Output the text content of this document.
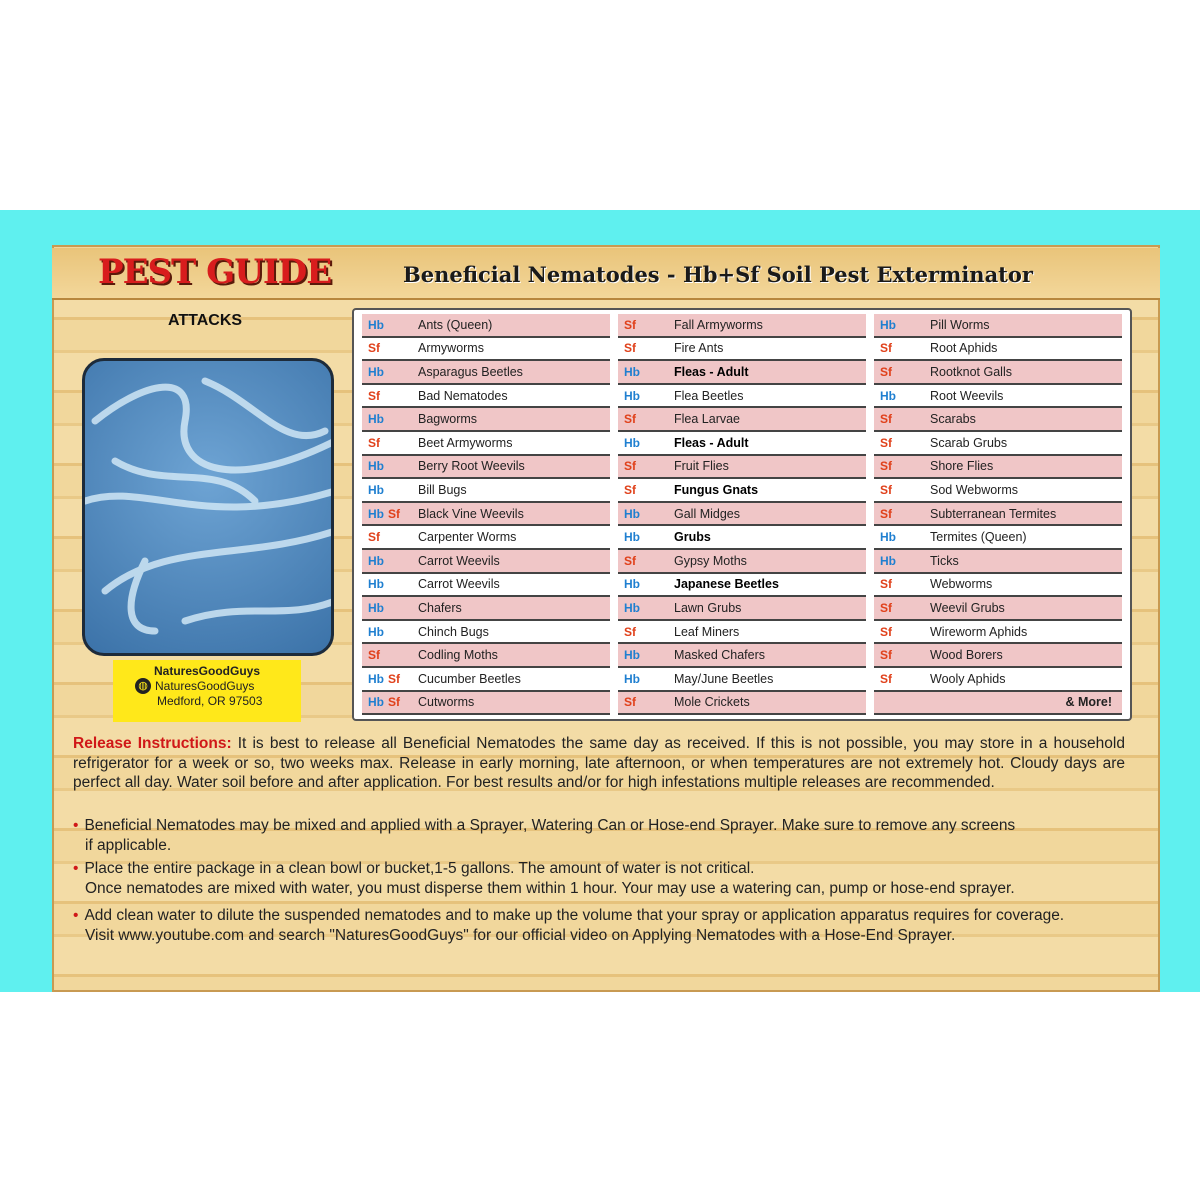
PEST GUIDE	Beneficial Nematodes - Hb+Sf Soil Pest Exterminator
ATTACKS
NaturesGoodGuys
◍ NaturesGoodGuys
Medford, OR 97503
Hb	Ants (Queen)
Sf	Armyworms
Hb	Asparagus Beetles
Sf	Bad Nematodes
Hb	Bagworms
Sf	Beet Armyworms
Hb	Berry Root Weevils
Hb	Bill Bugs
Hb Sf	Black Vine Weevils
Sf	Carpenter Worms
Hb	Carrot Weevils
Hb	Carrot Weevils
Hb	Chafers
Hb	Chinch Bugs
Sf	Codling Moths
Hb Sf	Cucumber Beetles
Hb Sf	Cutworms
Sf	Fall Armyworms
Sf	Fire Ants
Hb	Fleas - Adult
Hb	Flea Beetles
Sf	Flea Larvae
Hb	Fleas - Adult
Sf	Fruit Flies
Sf	Fungus Gnats
Hb	Gall Midges
Hb	Grubs
Sf	Gypsy Moths
Hb	Japanese Beetles
Hb	Lawn Grubs
Sf	Leaf Miners
Hb	Masked Chafers
Hb	May/June Beetles
Sf	Mole Crickets
Hb	Pill Worms
Sf	Root Aphids
Sf	Rootknot Galls
Hb	Root Weevils
Sf	Scarabs
Sf	Scarab Grubs
Sf	Shore Flies
Sf	Sod Webworms
Sf	Subterranean Termites
Hb	Termites (Queen)
Hb	Ticks
Sf	Webworms
Sf	Weevil Grubs
Sf	Wireworm Aphids
Sf	Wood Borers
Sf	Wooly Aphids
& More!
Release Instructions: It is best to release all Beneficial Nematodes the same day as received. If this is not possible, you may store in a household refrigerator for a week or so, two weeks max. Release in early morning, late afternoon, or when temperatures are not extremely hot. Cloudy days are perfect all day. Water soil before and after application. For best results and/or for high infestations multiple releases are recommended.
• Beneficial Nematodes may be mixed and applied with a Sprayer, Watering Can or Hose-end Sprayer. Make sure to remove any screens
if applicable.
• Place the entire package in a clean bowl or bucket,1-5 gallons. The amount of water is not critical.
Once nematodes are mixed with water, you must disperse them within 1 hour. Your may use a watering can, pump or hose-end sprayer.
• Add clean water to dilute the suspended nematodes and to make up the volume that your spray or application apparatus requires for coverage.
Visit www.youtube.com and search "NaturesGoodGuys" for our official video on Applying Nematodes with a Hose-End Sprayer.
